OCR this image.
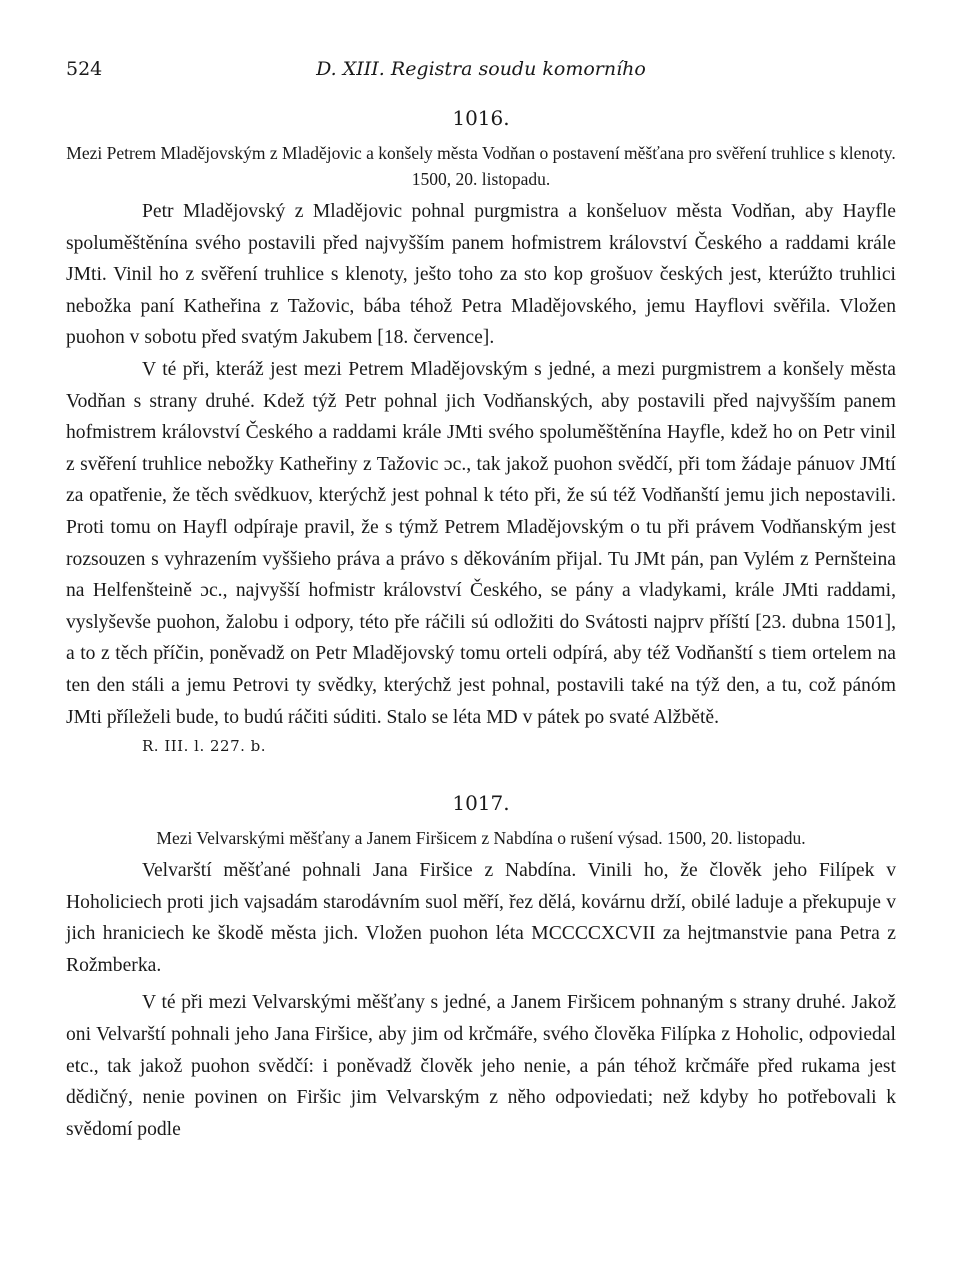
524	D. XIII. Registra soudu komorního
1016.

Mezi Petrem Mladějovským z Mladějovic a konšely města Vodňan o postavení měšťana pro svěření truhlice s klenoty. 1500, 20. listopadu.

Petr Mladějovský z Mladějovic pohnal purgmistra a konšeluov města Vodňan, aby Hayfle spoluměštěnína svého postavili před najvyšším panem hofmistrem království Českého a raddami krále JMti. Vinil ho z svěření truhlice s klenoty, ješto toho za sto kop grošuov českých jest, kterúžto truhlici nebožka paní Katheřina z Tažovic, bába téhož Petra Mladějovského, jemu Hayflovi svěřila. Vložen puohon v sobotu před svatým Jakubem [18. července].

V té při, kteráž jest mezi Petrem Mladějovským s jedné, a mezi purgmistrem a konšely města Vodňan s strany druhé. Kdež týž Petr pohnal jich Vodňanských, aby postavili před najvyšším panem hofmistrem království Českého a raddami krále JMti svého spoluměštěnína Hayfle, kdež ho on Petr vinil z svěření truhlice nebožky Katheřiny z Tažovic ɔc., tak jakož puohon svědčí, při tom žádaje pánuov JMtí za opatřenie, že těch svědkuov, kterýchž jest pohnal k této při, že sú též Vodňanští jemu jich nepostavili. Proti tomu on Hayfl odpíraje pravil, že s týmž Petrem Mladějovským o tu při právem Vodňanským jest rozsouzen s vyhrazením vyššieho práva a právo s děkováním přijal. Tu JMt pán, pan Vylém z Pernšteina na Helfenšteině ɔc., najvyšší hofmistr království Českého, se pány a vladykami, krále JMti raddami, vyslyševše puohon, žalobu i odpory, této pře ráčili sú odložiti do Svátosti najprv příští [23. dubna 1501], a to z těch příčin, poněvadž on Petr Mladějovský tomu orteli odpírá, aby též Vodňanští s tiem ortelem na ten den stáli a jemu Petrovi ty svědky, kterýchž jest pohnal, postavili také na týž den, a tu, což pánóm JMti příleželi bude, to budú ráčiti súditi. Stalo se léta MD v pátek po svaté Alžbětě.

R. III. l. 227. b.
1017.

Mezi Velvarskými měšťany a Janem Firšicem z Nabdína o rušení výsad. 1500, 20. listopadu.

Velvarští měšťané pohnali Jana Firšice z Nabdína. Vinili ho, že člověk jeho Filípek v Hoholiciech proti jich vajsadám starodávním suol měří, řez dělá, kovárnu drží, obilé laduje a překupuje v jich hraniciech ke škodě města jich. Vložen puohon léta MCCCCXCVII za hejtmanstvie pana Petra z Rožmberka.

V té při mezi Velvarskými měšťany s jedné, a Janem Firšicem pohnaným s strany druhé. Jakož oni Velvarští pohnali jeho Jana Firšice, aby jim od krčmáře, svého člověka Filípka z Hoholic, odpoviedal etc., tak jakož puohon svědčí: i poněvadž člověk jeho nenie, a pán téhož krčmáře před rukama jest dědičný, nenie povinen on Firšic jim Velvarským z něho odpoviedati; než kdyby ho potřebovali k svědomí podle
